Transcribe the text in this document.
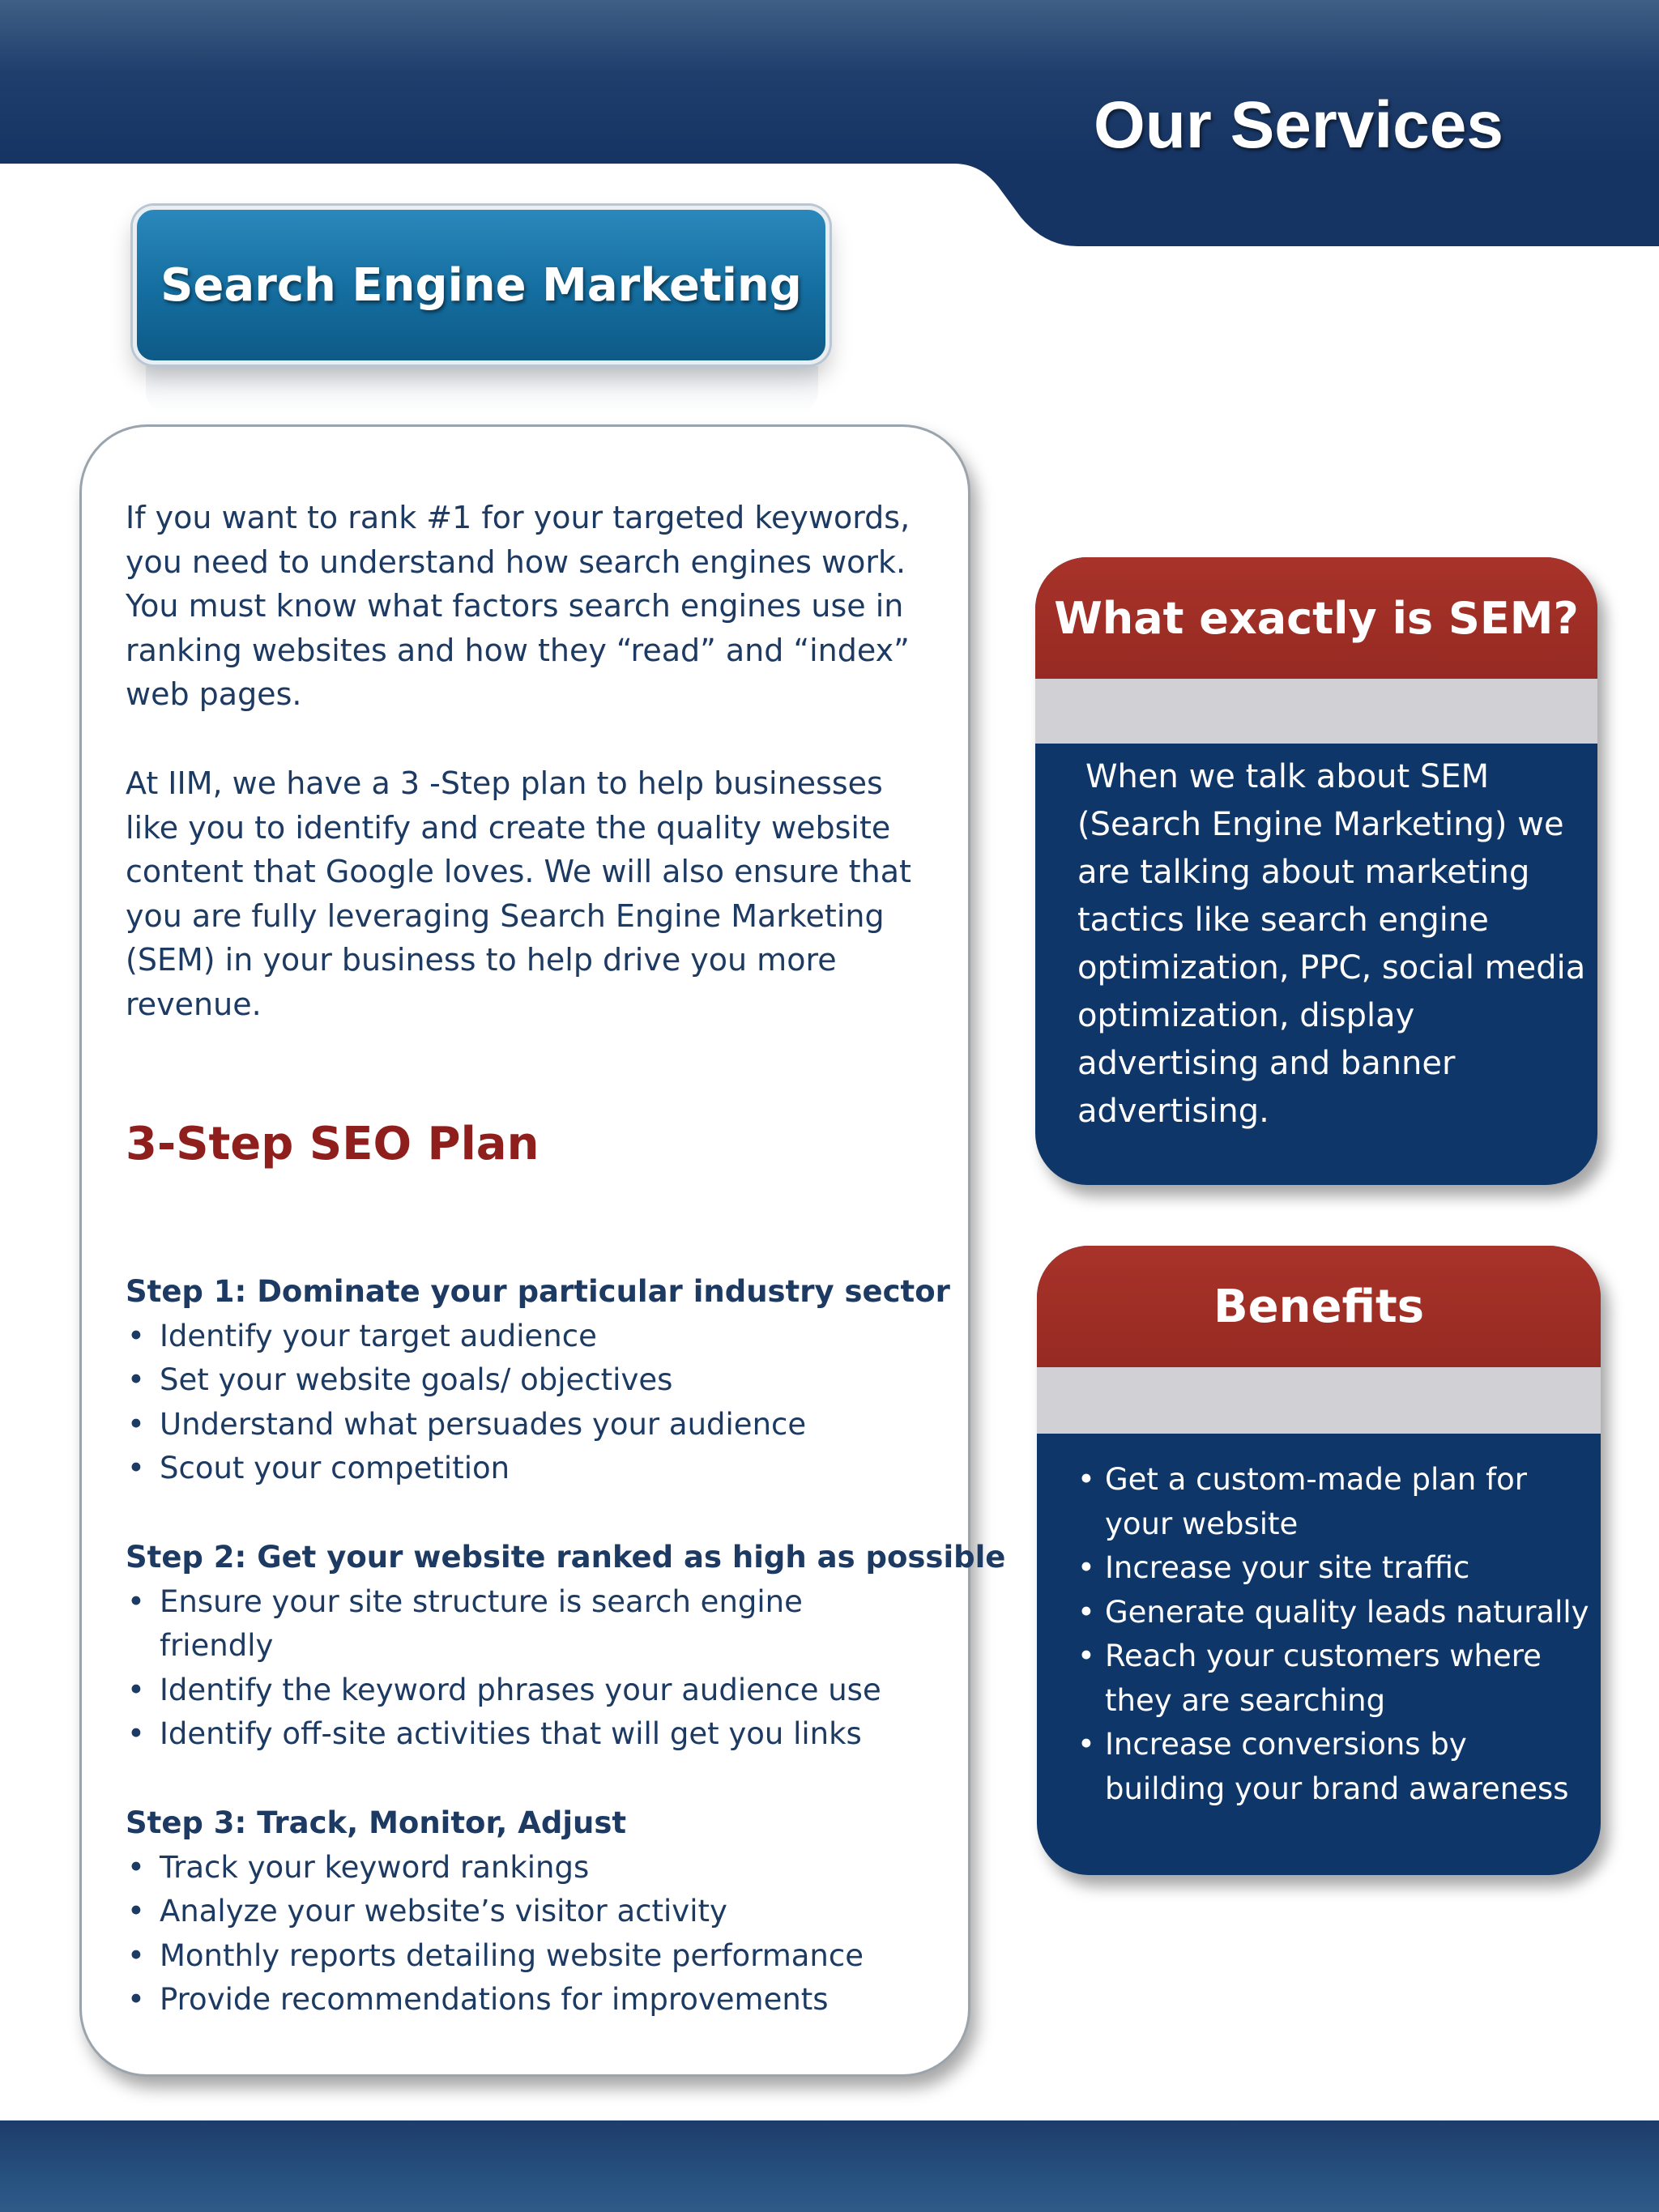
Our Services
Search Engine Marketing
If you want to rank #1 for your targeted keywords, you need to understand how search engines work. You must know what factors search engines use in ranking websites and how they “read” and “index” web pages.
At IIM, we have a 3 -Step plan to help businesses like you to identify and create the quality website content that Google loves. We will also ensure that you are fully leveraging Search Engine Marketing (SEM) in your business to help drive you more revenue.
3-Step SEO Plan
Step 1: Dominate your particular industry sector
• Identify your target audience
• Set your website goals/ objectives
• Understand what persuades your audience
• Scout your competition
Step 2: Get your website ranked as high as possible
• Ensure your site structure is search engine friendly
• Identify the keyword phrases your audience use
• Identify off-site activities that will get you links
Step 3: Track, Monitor, Adjust
• Track your keyword rankings
• Analyze your website’s visitor activity
• Monthly reports detailing website performance
• Provide recommendations for improvements
What exactly is SEM?
When we talk about SEM (Search Engine Marketing) we are talking about marketing tactics like search engine optimization, PPC, social media optimization, display advertising and banner advertising.
Benefits
• Get a custom-made plan for your website
• Increase your site traffic
• Generate quality leads naturally
• Reach your customers where they are searching
• Increase conversions by building your brand awareness
